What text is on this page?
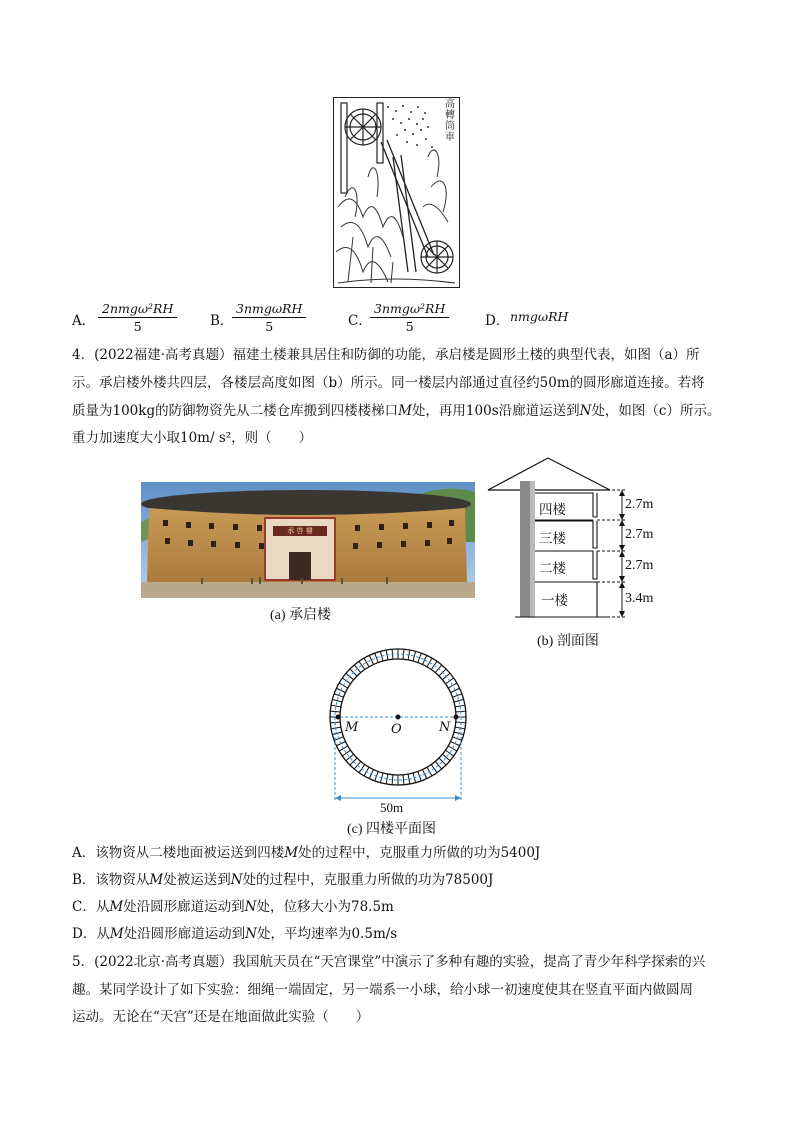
高轉筒車
A．
2nmgω²RH
5	B．
3nmgωRH
5	C．
3nmgω²RH
5	D． nmgωRH
4．(2022福建·高考真题）福建土楼兼具居住和防御的功能，承启楼是圆形土楼的典型代表，如图（a）所
示。承启楼外楼共四层，各楼层高度如图（b）所示。同一楼层内部通过直径约50m的圆形廊道连接。若将
质量为100kg的防御物资先从二楼仓库搬到四楼楼梯口M处，再用100s沿廊道运送到N处，如图（c）所示。
重力加速度大小取10m/ s²，则（　　）
承 啓 樓
(a) 承启楼
四楼
三楼
二楼
一楼
2.7m
2.7m
2.7m
3.4m
(b) 剖面图
M	O	N
50m
(c) 四楼平面图
A．该物资从二楼地面被运送到四楼M处的过程中，克服重力所做的功为5400J
B．该物资从M处被运送到N处的过程中，克服重力所做的功为78500J
C．从M处沿圆形廊道运动到N处，位移大小为78.5m
D．从M处沿圆形廊道运动到N处，平均速率为0.5m/s
5．(2022北京·高考真题）我国航天员在“天宫课堂”中演示了多种有趣的实验，提高了青少年科学探索的兴
趣。某同学设计了如下实验：细绳一端固定，另一端系一小球，给小球一初速度使其在竖直平面内做圆周
运动。无论在“天宫”还是在地面做此实验（　　）
